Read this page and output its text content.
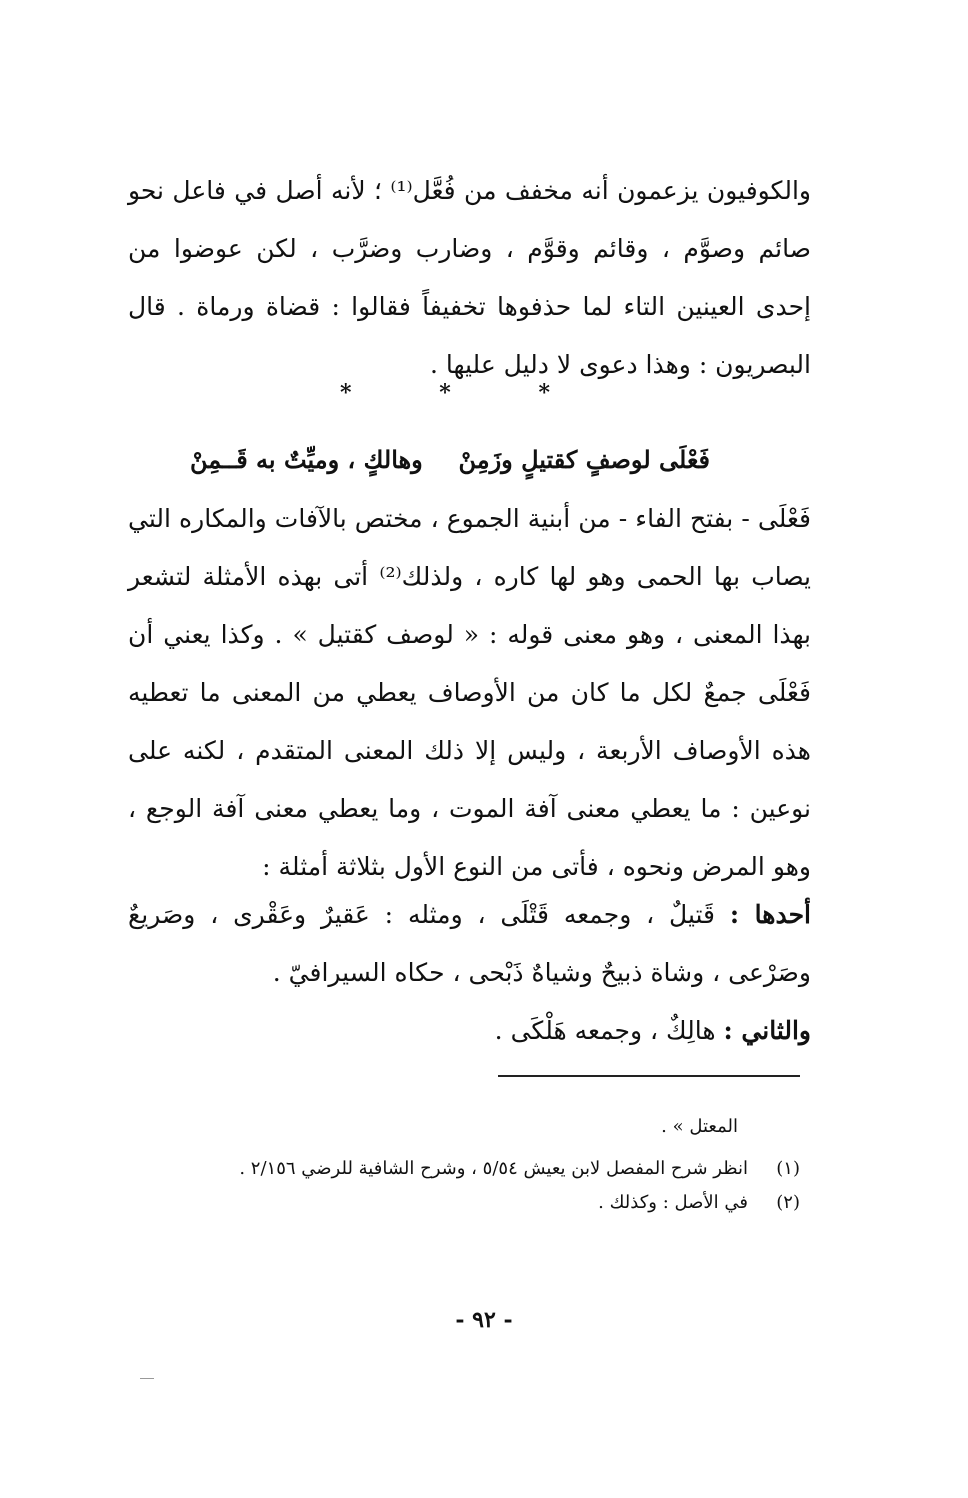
والكوفيون يزعمون أنه مخفف من فُعَّل⁽¹⁾ ؛ لأنه أصل في فاعل نحو صائم وصوَّم ، وقائم وقوَّم ، وضارب وضرَّب ، لكن عوضوا من إحدى العينين التاء لما حذفوها تخفيفاً فقالوا : قضاة ورماة . قال البصريون : وهذا دعوى لا دليل عليها .

*	*	*
فَعْلَى لوصفٍ كقتيلٍ وزَمِنْ
وهالكٍ ، وميِّتٌ به قَــمِنْ

فَعْلَى - بفتح الفاء - من أبنية الجموع ، مختص بالآفات والمكاره التي يصاب بها الحمى وهو لها كاره ، ولذلك⁽²⁾ أتى بهذه الأمثلة لتشعر بهذا المعنى ، وهو معنى قوله : « لوصف كقتيل » . وكذا يعني أن فَعْلَى جمعٌ لكل ما كان من الأوصاف يعطي من المعنى ما تعطيه هذه الأوصاف الأربعة ، وليس إلا ذلك المعنى المتقدم ، لكنه على نوعين : ما يعطي معنى آفة الموت ، وما يعطي معنى آفة الوجع ، وهو المرض ونحوه ، فأتى من النوع الأول بثلاثة أمثلة :

أحدها : قَتيلٌ ، وجمعه قَتْلَى ، ومثله : عَقيرٌ وعَقْرى ، وصَريعٌ وصَرْعى ، وشاة ذبيحٌ وشياهٌ ذَبْحى ، حكاه السيرافيّ .

والثاني : هالِكٌ ، وجمعه هَلْكَى .

المعتل » .
(١)
انظر شرح المفصل لابن يعيش ٥/٥٤ ، وشرح الشافية للرضي ٢/١٥٦ .
(٢)
في الأصل : وكذلك .
- ٩٢ -
